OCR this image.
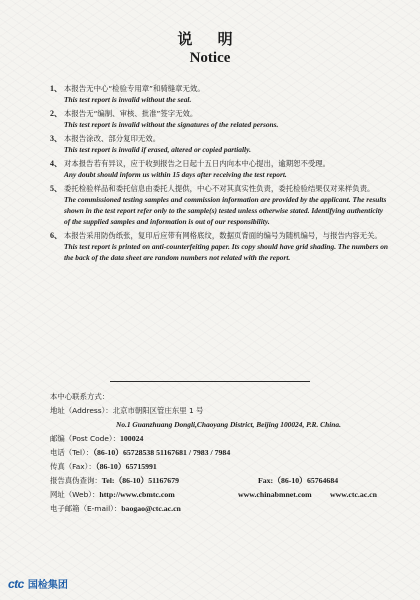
说 明
Notice
1、 本报告无中心“检验专用章”和骑缝章无效。
This test report is invalid without the seal.
2、 本报告无“编制、审核、批准”签字无效。
This test report is invalid without the signatures of the related persons.
3、 本报告涂改、部分复印无效。
This test report is invalid if erased, altered or copied partially.
4、 对本报告若有异议，应于收到报告之日起十五日内向本中心提出，逾期恕不受理。
Any doubt should inform us within 15 days after receiving the test report.
5、 委托检验样品和委托信息由委托人提供，中心不对其真实性负责，委托检验结果仅对来样负责。
The commissioned testing samples and commission information are provided by the applicant. The results shown in the test report refer only to the sample(s) tested unless otherwise stated. Identifying authenticity of the supplied samples and information is out of our responsibility.
6、 本报告采用防伪纸张，复印后应带有网格底纹，数据页背面的编号为随机编号，与报告内容无关。
This test report is printed on anti-counterfeiting paper. Its copy should have grid shading. The numbers on the back of the data sheet are random numbers not related with the report.
本中心联系方式：
地址（Address）：北京市朝阳区管庄东里 1 号
No.1 Guanzhuang Dongli,Chaoyang District, Beijing 100024, P.R. China.
邮编（Post Code）：100024
电话（Tel）：（86-10）65728538 51167681 / 7983 / 7984
传真（Fax）：（86-10）65715991
报告真伪查询：Tel:（86-10）51167679	Fax:（86-10）65764684
网址（Web）：http://www.cbmtc.com	www.chinabmnet.com www.ctc.ac.cn
电子邮箱（E-mail）：baogao@ctc.ac.cn
ctc 国检集团
